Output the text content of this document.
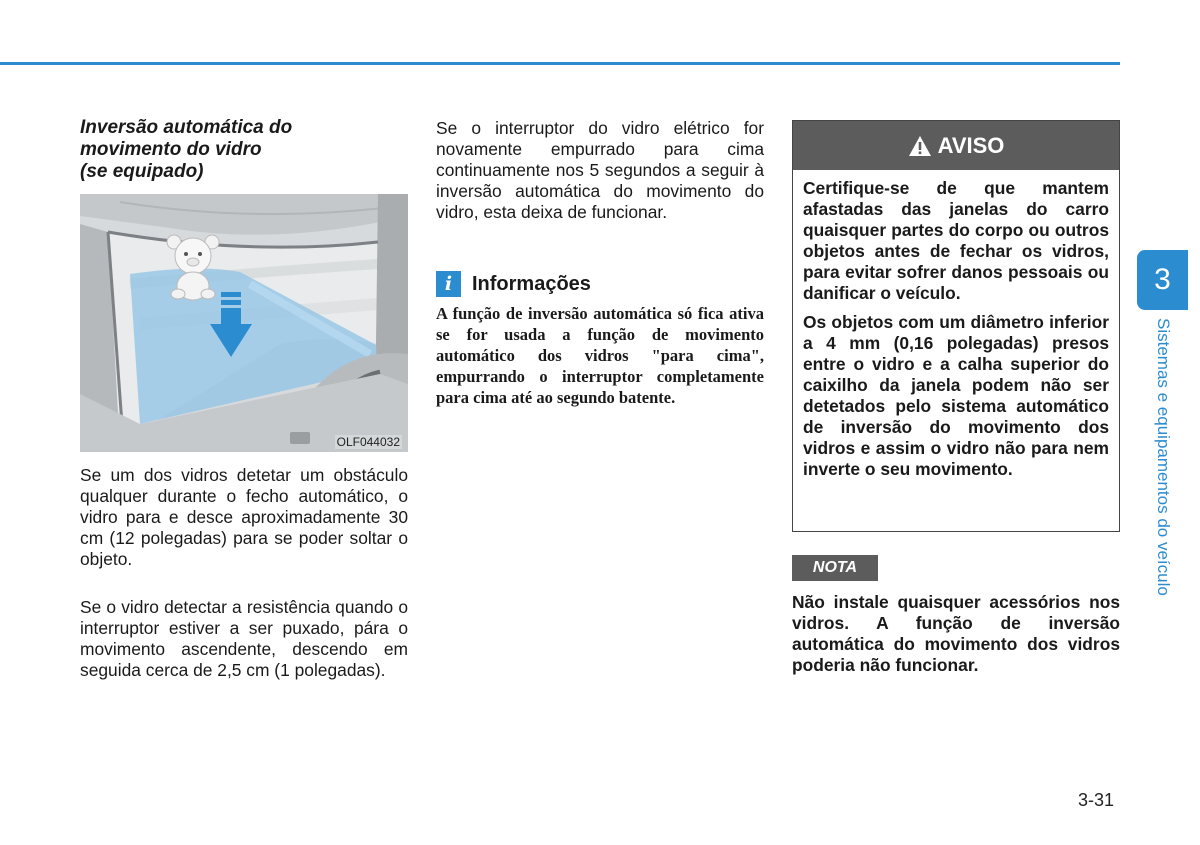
Inversão automática do
movimento do vidro
(se equipado)
OLF044032

Se um dos vidros detetar um obstáculo qualquer durante o fecho automático, o vidro para e desce aproximadamente 30 cm (12 polegadas) para se poder soltar o objeto.

Se o vidro detectar a resistência quando o interruptor estiver a ser puxado, pára o movimento ascendente, descendo em seguida cerca de 2,5 cm (1 polegadas).

Se o interruptor do vidro elétrico for novamente empurrado para cima continuamente nos 5 segundos a seguir à inversão automática do movimento do vidro, esta deixa de funcionar.

i Informações

A função de inversão automática só fica ativa se for usada a função de movimento automático dos vidros "para cima", empurrando o interruptor completamente para cima até ao segundo batente.

AVISO

Certifique-se de que mantem afastadas das janelas do carro quaisquer partes do corpo ou outros objetos antes de fechar os vidros, para evitar sofrer danos pessoais ou danificar o veículo.

Os objetos com um diâmetro inferior a 4 mm (0,16 polegadas) presos entre o vidro e a calha superior do caixilho da janela podem não ser detetados pelo sistema automático de inversão do movimento dos vidros e assim o vidro não para nem inverte o seu movimento.

NOTA

Não instale quaisquer acessórios nos vidros. A função de inversão automática do movimento dos vidros poderia não funcionar.

3
Sistemas e equipamentos do veículo
3-31
